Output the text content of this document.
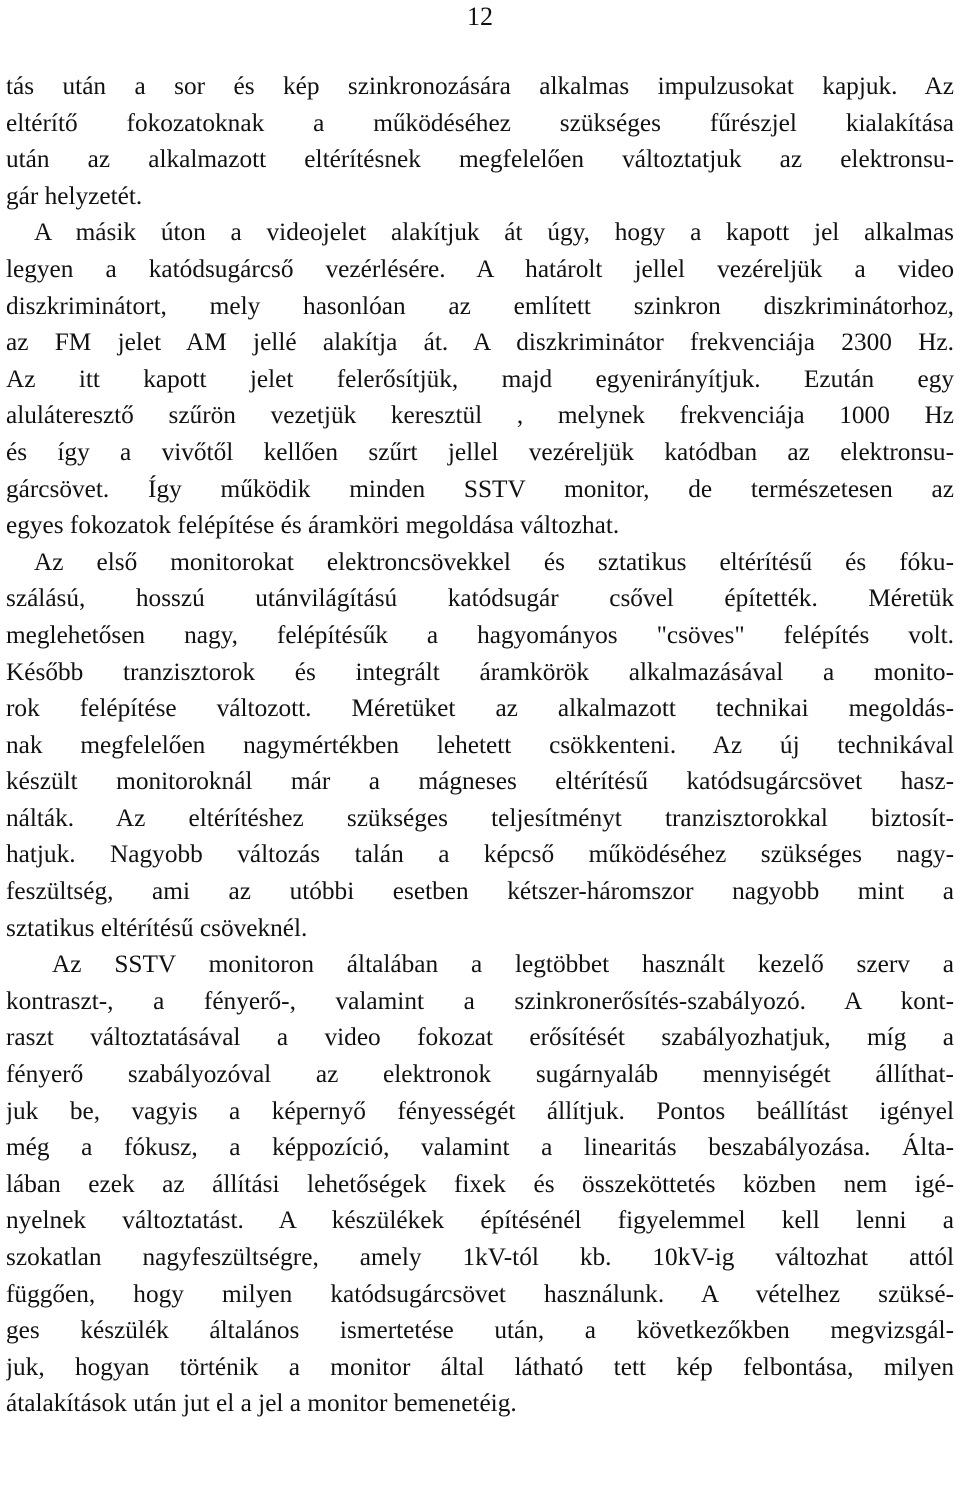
12
tás után a sor és kép szinkronozására alkalmas impulzusokat kapjuk. Az
eltérítő fokozatoknak a működéséhez szükséges fűrészjel kialakítása
után az alkalmazott eltérítésnek megfelelően változtatjuk az elektronsu-
gár helyzetét.
A másik úton a videojelet alakítjuk át úgy, hogy a kapott jel alkalmas
legyen a katódsugárcső vezérlésére. A határolt jellel vezéreljük a video
diszkriminátort, mely hasonlóan az említett szinkron diszkriminátorhoz,
az FM jelet AM jellé alakítja át. A diszkriminátor frekvenciája 2300 Hz.
Az itt kapott jelet felerősítjük, majd egyenirányítjuk. Ezután egy
aluláteresztő szűrön vezetjük keresztül , melynek frekvenciája 1000 Hz
és így a vivőtől kellően szűrt jellel vezéreljük katódban az elektronsu-
gárcsövet. Így működik minden SSTV monitor, de természetesen az
egyes fokozatok felépítése és áramköri megoldása változhat.
Az első monitorokat elektroncsövekkel és sztatikus eltérítésű és fóku-
szálású, hosszú utánvilágítású katódsugár csővel építették. Méretük
meglehetősen nagy, felépítésűk a hagyományos "csöves" felépítés volt.
Később tranzisztorok és integrált áramkörök alkalmazásával a monito-
rok felépítése változott. Méretüket az alkalmazott technikai megoldás-
nak megfelelően nagymértékben lehetett csökkenteni. Az új technikával
készült monitoroknál már a mágneses eltérítésű katódsugárcsövet hasz-
nálták. Az eltérítéshez szükséges teljesítményt tranzisztorokkal biztosít-
hatjuk. Nagyobb változás talán a képcső működéséhez szükséges nagy-
feszültség, ami az utóbbi esetben kétszer-háromszor nagyobb mint a
sztatikus eltérítésű csöveknél.
Az SSTV monitoron általában a legtöbbet használt kezelő szerv a
kontraszt-, a fényerő-, valamint a szinkronerősítés-szabályozó. A kont-
raszt változtatásával a video fokozat erősítését szabályozhatjuk, míg a
fényerő szabályozóval az elektronok sugárnyaláb mennyiségét állíthat-
juk be, vagyis a képernyő fényességét állítjuk. Pontos beállítást igényel
még a fókusz, a képpozíció, valamint a linearitás beszabályozása. Álta-
lában ezek az állítási lehetőségek fixek és összeköttetés közben nem igé-
nyelnek változtatást. A készülékek építésénél figyelemmel kell lenni a
szokatlan nagyfeszültségre, amely 1kV-tól kb. 10kV-ig változhat attól
függően, hogy milyen katódsugárcsövet használunk. A vételhez szüksé-
ges készülék általános ismertetése után, a következőkben megvizsgál-
juk, hogyan történik a monitor által látható tett kép felbontása, milyen
átalakítások után jut el a jel a monitor bemenetéig.
